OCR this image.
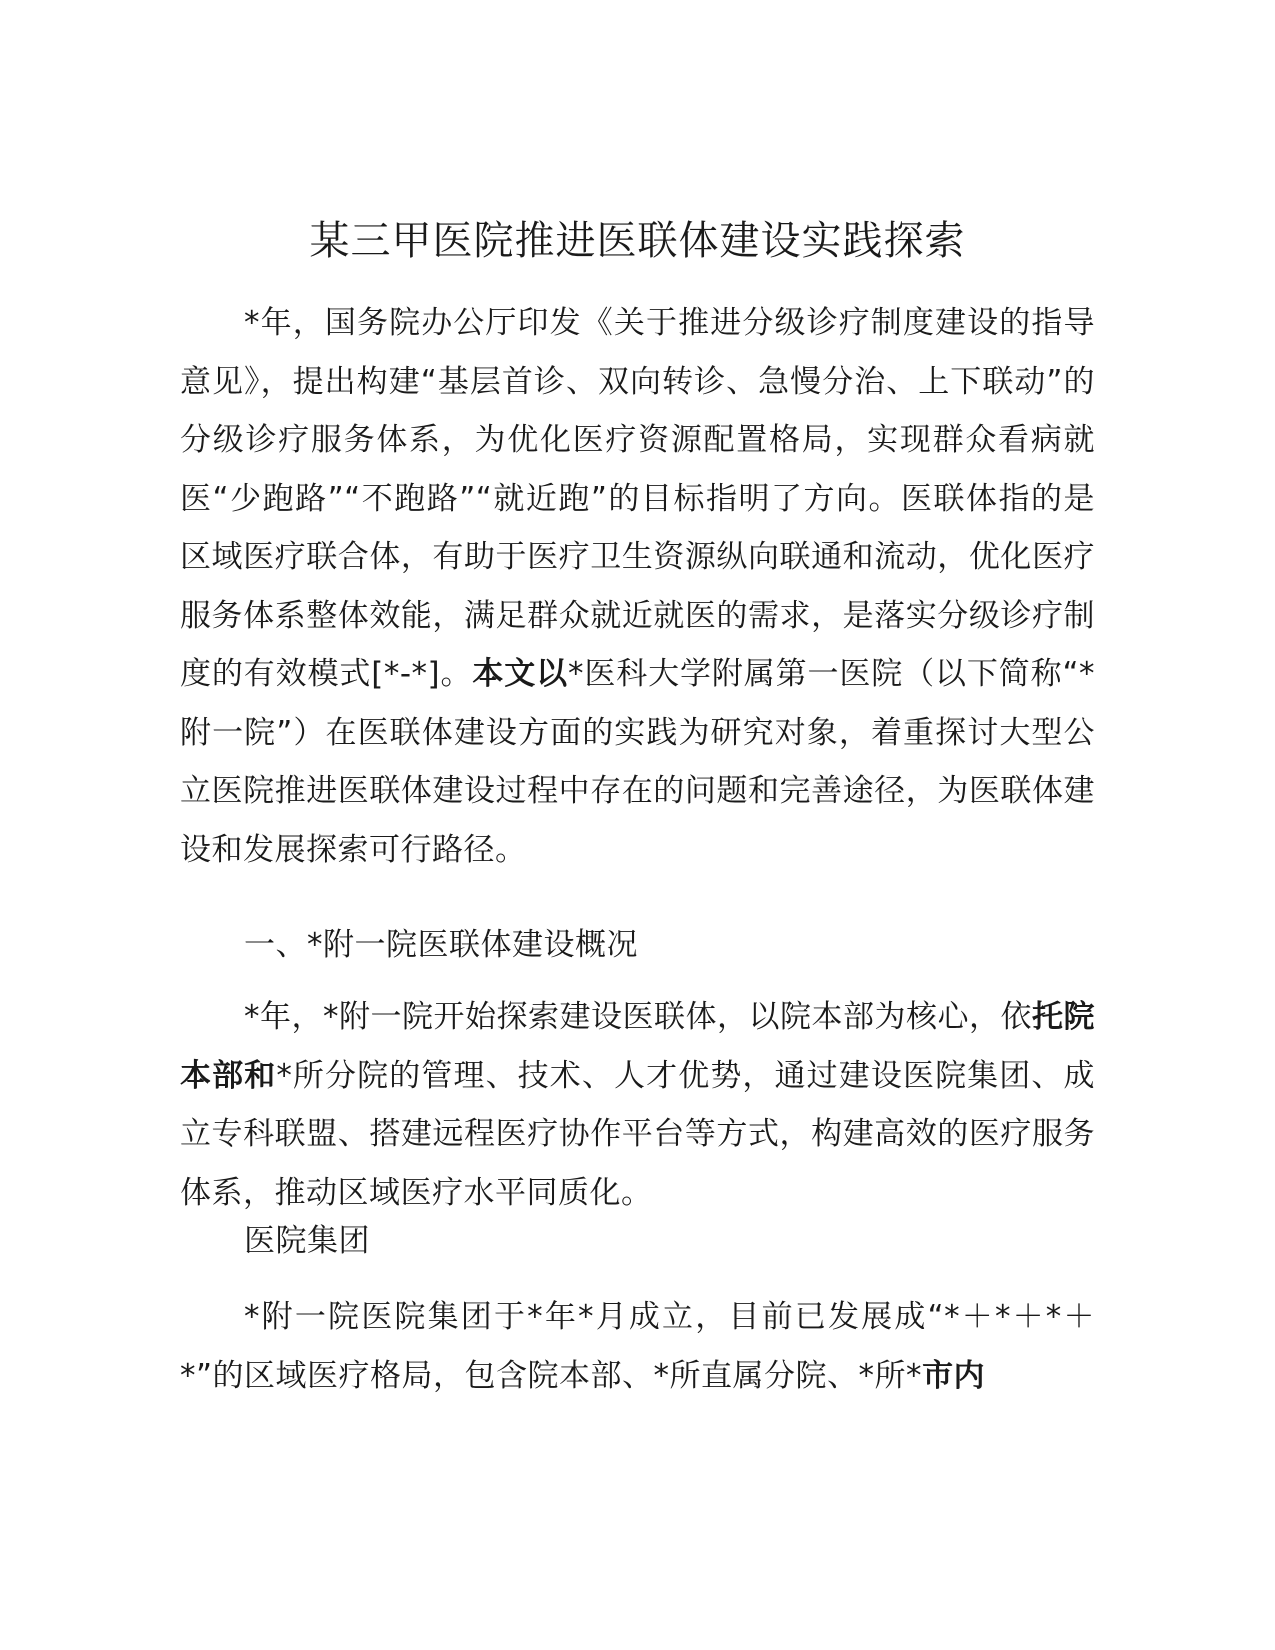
某三甲医院推进医联体建设实践探索

*年，国务院办公厅印发《关于推进分级诊疗制度建设的指导意见》，提出构建“基层首诊、双向转诊、急慢分治、上下联动”的分级诊疗服务体系，为优化医疗资源配置格局，实现群众看病就医“少跑路”“不跑路”“就近跑”的目标指明了方向。医联体指的是区域医疗联合体，有助于医疗卫生资源纵向联通和流动，优化医疗服务体系整体效能，满足群众就近就医的需求，是落实分级诊疗制度的有效模式[*-*]。本文以*医科大学附属第一医院（以下简称“*附一院”）在医联体建设方面的实践为研究对象，着重探讨大型公立医院推进医联体建设过程中存在的问题和完善途径，为医联体建设和发展探索可行路径。

一、*附一院医联体建设概况

*年，*附一院开始探索建设医联体，以院本部为核心，依托院本部和*所分院的管理、技术、人才优势，通过建设医院集团、成立专科联盟、搭建远程医疗协作平台等方式，构建高效的医疗服务体系，推动区域医疗水平同质化。

医院集团

*附一院医院集团于*年*月成立，目前已发展成“*＋*＋*＋*”的区域医疗格局，包含院本部、*所直属分院、*所*市内
